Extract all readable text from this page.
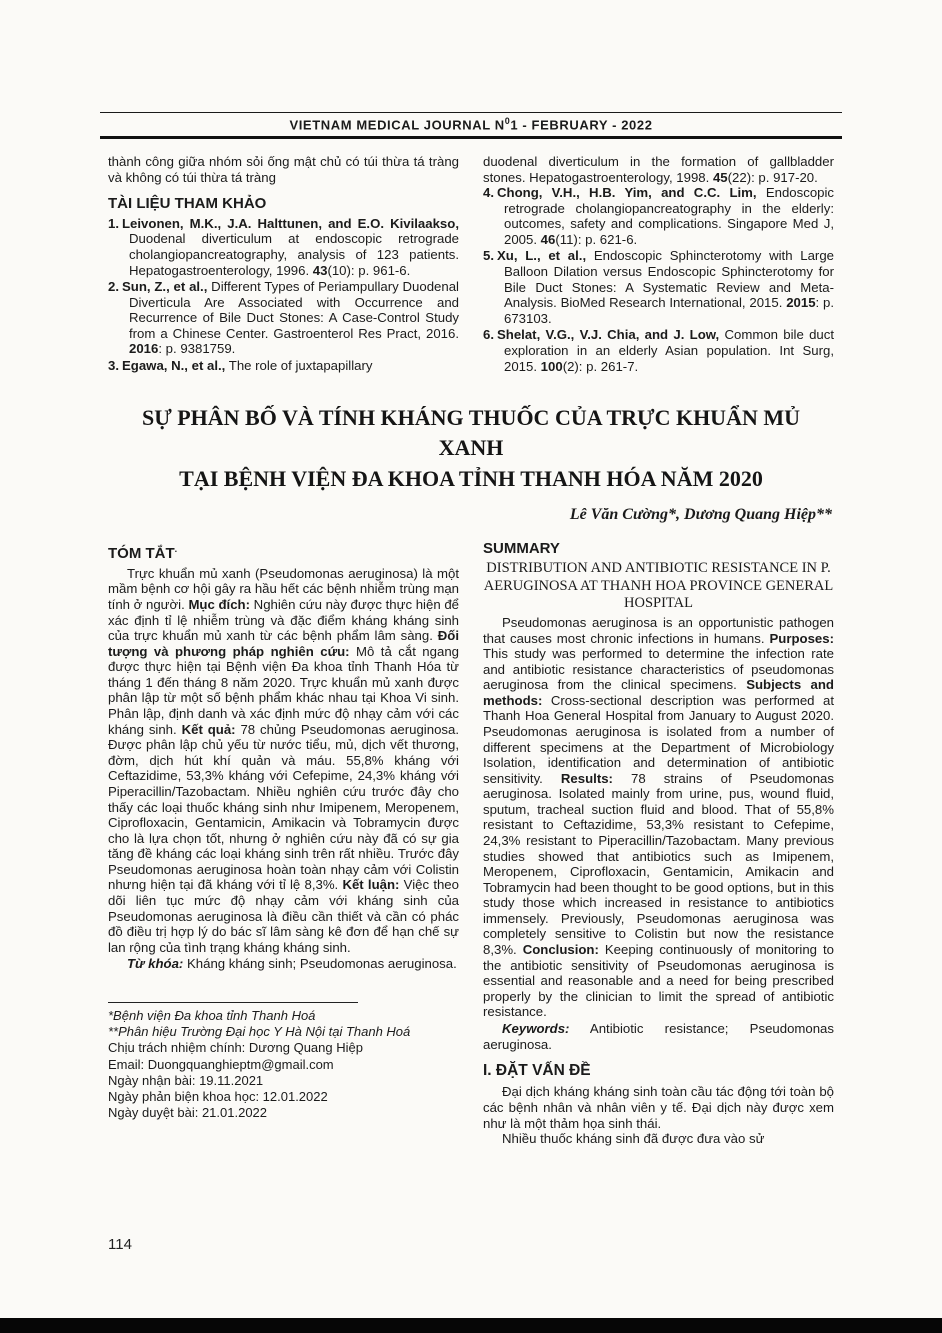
VIETNAM MEDICAL JOURNAL $N^01$ - FEBRUARY - 2022
thành công giữa nhóm sỏi ống mật chủ có túi thừa tá tràng và không có túi thừa tá tràng
TÀI LIỆU THAM KHẢO
1. Leivonen, M.K., J.A. Halttunen, and E.O. Kivilaakso, Duodenal diverticulum at endoscopic retrograde cholangiopancreatography, analysis of 123 patients. Hepatogastroenterology, 1996. 43(10): p. 961-6.
2. Sun, Z., et al., Different Types of Periampullary Duodenal Diverticula Are Associated with Occurrence and Recurrence of Bile Duct Stones: A Case-Control Study from a Chinese Center. Gastroenterol Res Pract, 2016. 2016: p. 9381759.
3. Egawa, N., et al., The role of juxtapapillary
duodenal diverticulum in the formation of gallbladder stones. Hepatogastroenterology, 1998. 45(22): p. 917-20.
4. Chong, V.H., H.B. Yim, and C.C. Lim, Endoscopic retrograde cholangiopancreatography in the elderly: outcomes, safety and complications. Singapore Med J, 2005. 46(11): p. 621-6.
5. Xu, L., et al., Endoscopic Sphincterotomy with Large Balloon Dilation versus Endoscopic Sphincterotomy for Bile Duct Stones: A Systematic Review and Meta-Analysis. BioMed Research International, 2015. 2015: p. 673103.
6. Shelat, V.G., V.J. Chia, and J. Low, Common bile duct exploration in an elderly Asian population. Int Surg, 2015. 100(2): p. 261-7.
SỰ PHÂN BỐ VÀ TÍNH KHÁNG THUỐC CỦA TRỰC KHUẨN MỦ XANH
TẠI BỆNH VIỆN ĐA KHOA TỈNH THANH HÓA NĂM 2020
Lê Văn Cường*, Dương Quang Hiệp**
TÓM TẮT.
Trực khuẩn mủ xanh (Pseudomonas aeruginosa) là một mầm bệnh cơ hội gây ra hầu hết các bệnh nhiễm trùng mạn tính ở người. Mục đích: Nghiên cứu này được thực hiện để xác định tỉ lệ nhiễm trùng và đặc điểm kháng kháng sinh của trực khuẩn mủ xanh từ các bệnh phẩm lâm sàng. Đối tượng và phương pháp nghiên cứu: Mô tả cắt ngang được thực hiện tại Bệnh viện Đa khoa tỉnh Thanh Hóa từ tháng 1 đến tháng 8 năm 2020. Trực khuẩn mủ xanh được phân lập từ một số bệnh phẩm khác nhau tại Khoa Vi sinh. Phân lập, định danh và xác định mức độ nhạy cảm với các kháng sinh. Kết quả: 78 chủng Pseudomonas aeruginosa. Được phân lập chủ yếu từ nước tiểu, mủ, dịch vết thương, đờm, dịch hút khí quản và máu. 55,8% kháng với Ceftazidime, 53,3% kháng với Cefepime, 24,3% kháng với Piperacillin/Tazobactam. Nhiều nghiên cứu trước đây cho thấy các loại thuốc kháng sinh như Imipenem, Meropenem, Ciprofloxacin, Gentamicin, Amikacin và Tobramycin được cho là lựa chọn tốt, nhưng ở nghiên cứu này đã có sự gia tăng đề kháng các loại kháng sinh trên rất nhiều. Trước đây Pseudomonas aeruginosa hoàn toàn nhạy cảm với Colistin nhưng hiện tại đã kháng với tỉ lệ 8,3%. Kết luận: Việc theo dõi liên tục mức độ nhạy cảm với kháng sinh của Pseudomonas aeruginosa là điều cần thiết và cần có phác đồ điều trị hợp lý do bác sĩ lâm sàng kê đơn để hạn chế sự lan rộng của tình trạng kháng kháng sinh.
Từ khóa: Kháng kháng sinh; Pseudomonas aeruginosa.
*Bệnh viện Đa khoa tỉnh Thanh Hoá
**Phân hiệu Trường Đại học Y Hà Nội tại Thanh Hoá
Chịu trách nhiệm chính: Dương Quang Hiệp
Email: Duongquanghieptm@gmail.com
Ngày nhận bài: 19.11.2021
Ngày phản biện khoa học: 12.01.2022
Ngày duyệt bài: 21.01.2022
SUMMARY
DISTRIBUTION AND ANTIBIOTIC RESISTANCE IN P. AERUGINOSA AT THANH HOA PROVINCE GENERAL HOSPITAL
Pseudomonas aeruginosa is an opportunistic pathogen that causes most chronic infections in humans. Purposes: This study was performed to determine the infection rate and antibiotic resistance characteristics of pseudomonas aeruginosa from the clinical specimens. Subjects and methods: Cross-sectional description was performed at Thanh Hoa General Hospital from January to August 2020. Pseudomonas aeruginosa is isolated from a number of different specimens at the Department of Microbiology Isolation, identification and determination of antibiotic sensitivity. Results: 78 strains of Pseudomonas aeruginosa. Isolated mainly from urine, pus, wound fluid, sputum, tracheal suction fluid and blood. That of 55,8% resistant to Ceftazidime, 53,3% resistant to Cefepime, 24,3% resistant to Piperacillin/Tazobactam. Many previous studies showed that antibiotics such as Imipenem, Meropenem, Ciprofloxacin, Gentamicin, Amikacin and Tobramycin had been thought to be good options, but in this study those which increased in resistance to antibiotics immensely. Previously, Pseudomonas aeruginosa was completely sensitive to Colistin but now the resistance 8,3%. Conclusion: Keeping continuously of monitoring to the antibiotic sensitivity of Pseudomonas aeruginosa is essential and reasonable and a need for being prescribed properly by the clinician to limit the spread of antibiotic resistance.
Keywords: Antibiotic resistance; Pseudomonas aeruginosa.
I. ĐẶT VẤN ĐỀ
Đại dịch kháng kháng sinh toàn cầu tác động tới toàn bộ các bệnh nhân và nhân viên y tế. Đại dịch này được xem như là một thảm họa sinh thái.
Nhiều thuốc kháng sinh đã được đưa vào sử
114
